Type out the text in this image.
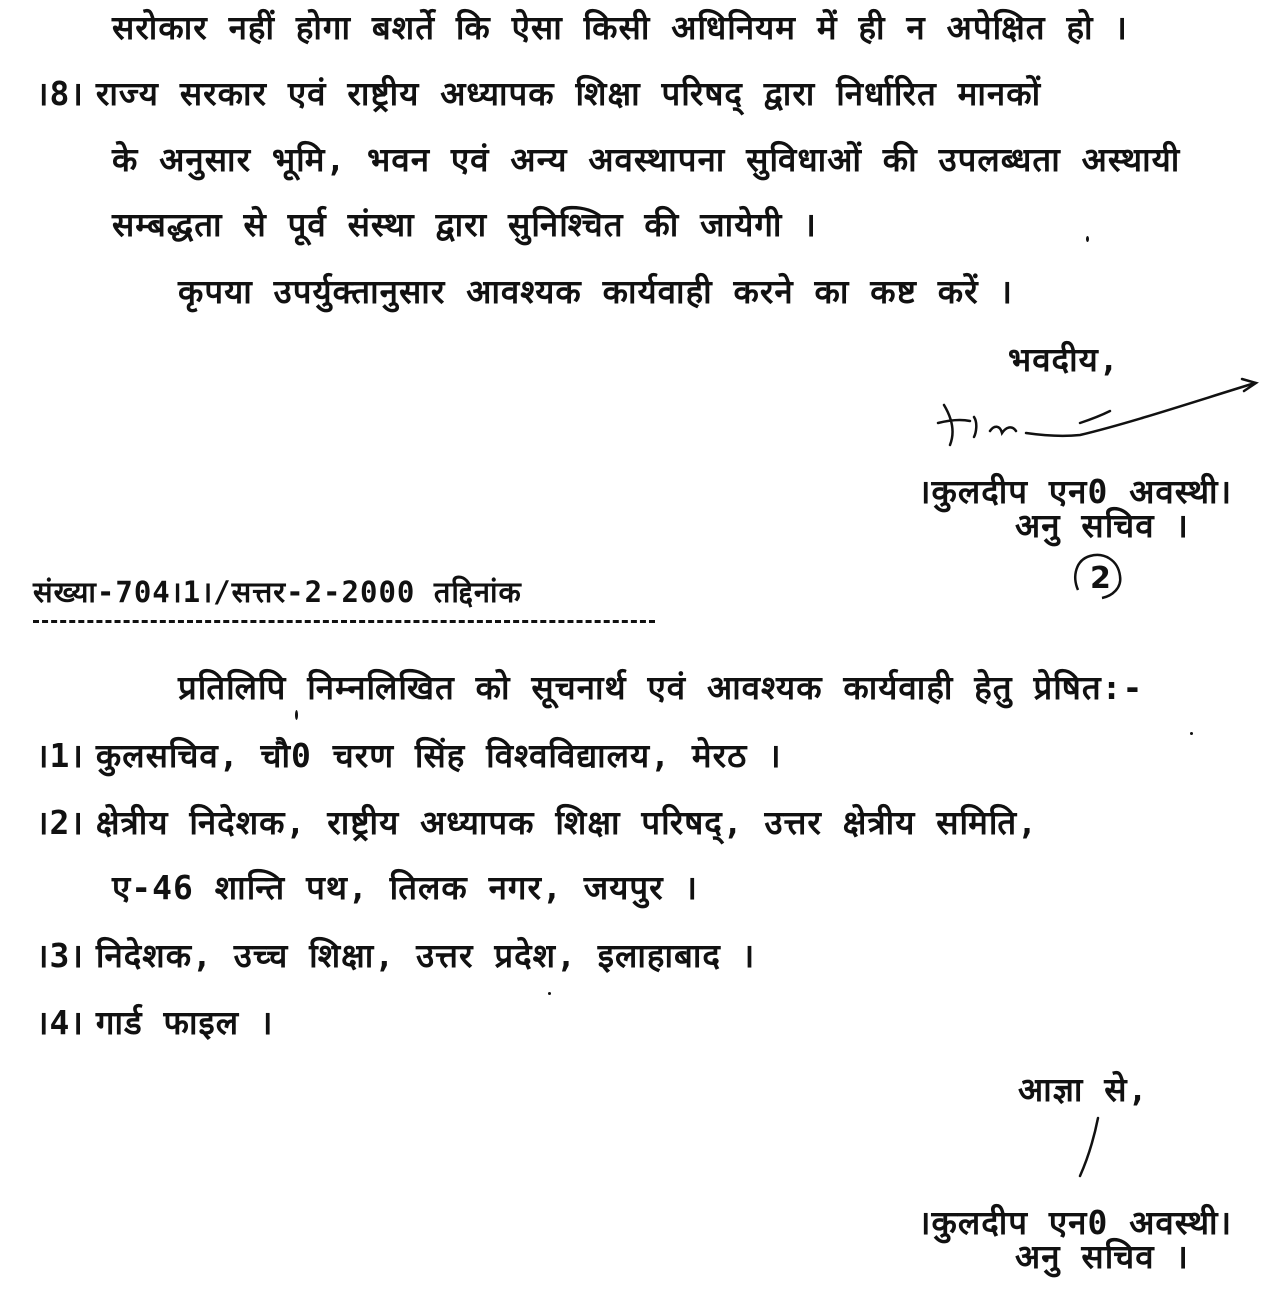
सरोकार नहीं होगा बशर्ते कि ऐसा किसी अधिनियम में ही न अपेक्षित हो ।
।8। राज्य सरकार एवं राष्ट्रीय अध्यापक शिक्षा परिषद् द्वारा निर्धारित मानकों
के अनुसार भूमि, भवन एवं अन्य अवस्थापना सुविधाओं की उपलब्धता अस्थायी
सम्बद्धता से पूर्व संस्था द्वारा सुनिश्चित की जायेगी ।
कृपया उपर्युक्तानुसार आवश्यक कार्यवाही करने का कष्ट करें ।
भवदीय,
।कुलदीप एन0 अवस्थी।
अनु सचिव ।
2
संख्या-704।1।/सत्तर-2-2000 तद्दिनांक
प्रतिलिपि निम्नलिखित को सूचनार्थ एवं आवश्यक कार्यवाही हेतु प्रेषित:-
।1। कुलसचिव, चौ0 चरण सिंह विश्वविद्यालय, मेरठ ।
।2। क्षेत्रीय निदेशक, राष्ट्रीय अध्यापक शिक्षा परिषद्, उत्तर क्षेत्रीय समिति,
ए-46 शान्ति पथ, तिलक नगर, जयपुर ।
।3। निदेशक, उच्च शिक्षा, उत्तर प्रदेश, इलाहाबाद ।
।4। गार्ड फाइल ।
आज्ञा से,
।कुलदीप एन0 अवस्थी।
अनु सचिव ।
